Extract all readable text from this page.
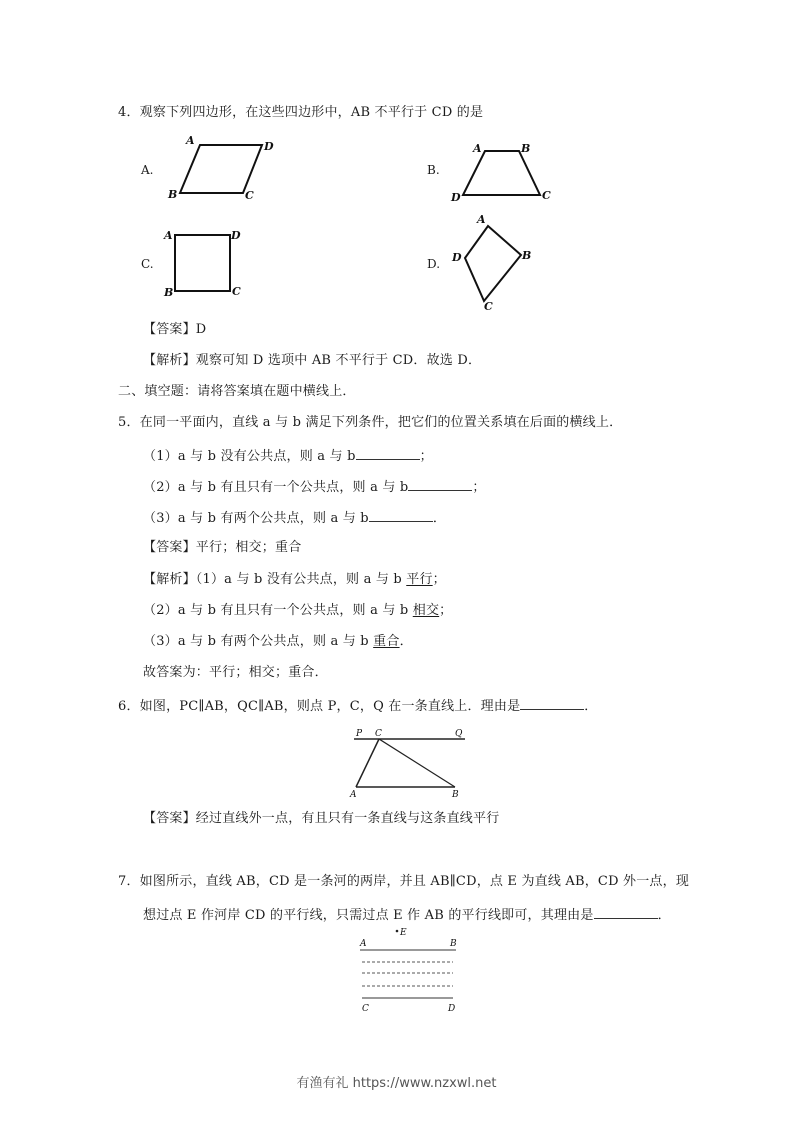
4．观察下列四边形，在这些四边形中，AB 不平行于 CD 的是
A.
A	D
B	C
B.
A	B
D	C
C.
A	D
B	C
D.
A
B
D
C
【答案】D
【解析】观察可知 D 选项中 AB 不平行于 CD．故选 D．
二、填空题：请将答案填在题中横线上．
5．在同一平面内，直线 a 与 b 满足下列条件，把它们的位置关系填在后面的横线上．
（1）a 与 b 没有公共点，则 a 与 b	；
（2）a 与 b 有且只有一个公共点，则 a 与 b	；
（3）a 与 b 有两个公共点，则 a 与 b	．
【答案】平行；相交；重合
【解析】（1）a 与 b 没有公共点，则 a 与 b 平行；
（2）a 与 b 有且只有一个公共点，则 a 与 b 相交；
（3）a 与 b 有两个公共点，则 a 与 b 重合．
故答案为：平行；相交；重合．
6．如图，PC∥AB，QC∥AB，则点 P，C，Q 在一条直线上．理由是	．
P C	Q
A	B
【答案】经过直线外一点，有且只有一条直线与这条直线平行
7．如图所示，直线 AB，CD 是一条河的两岸，并且 AB∥CD，点 E 为直线 AB，CD 外一点，现
想过点 E 作河岸 CD 的平行线，只需过点 E 作 AB 的平行线即可，其理由是	．
E
A	B
C	D
有渔有礼 https://www.nzxwl.net
